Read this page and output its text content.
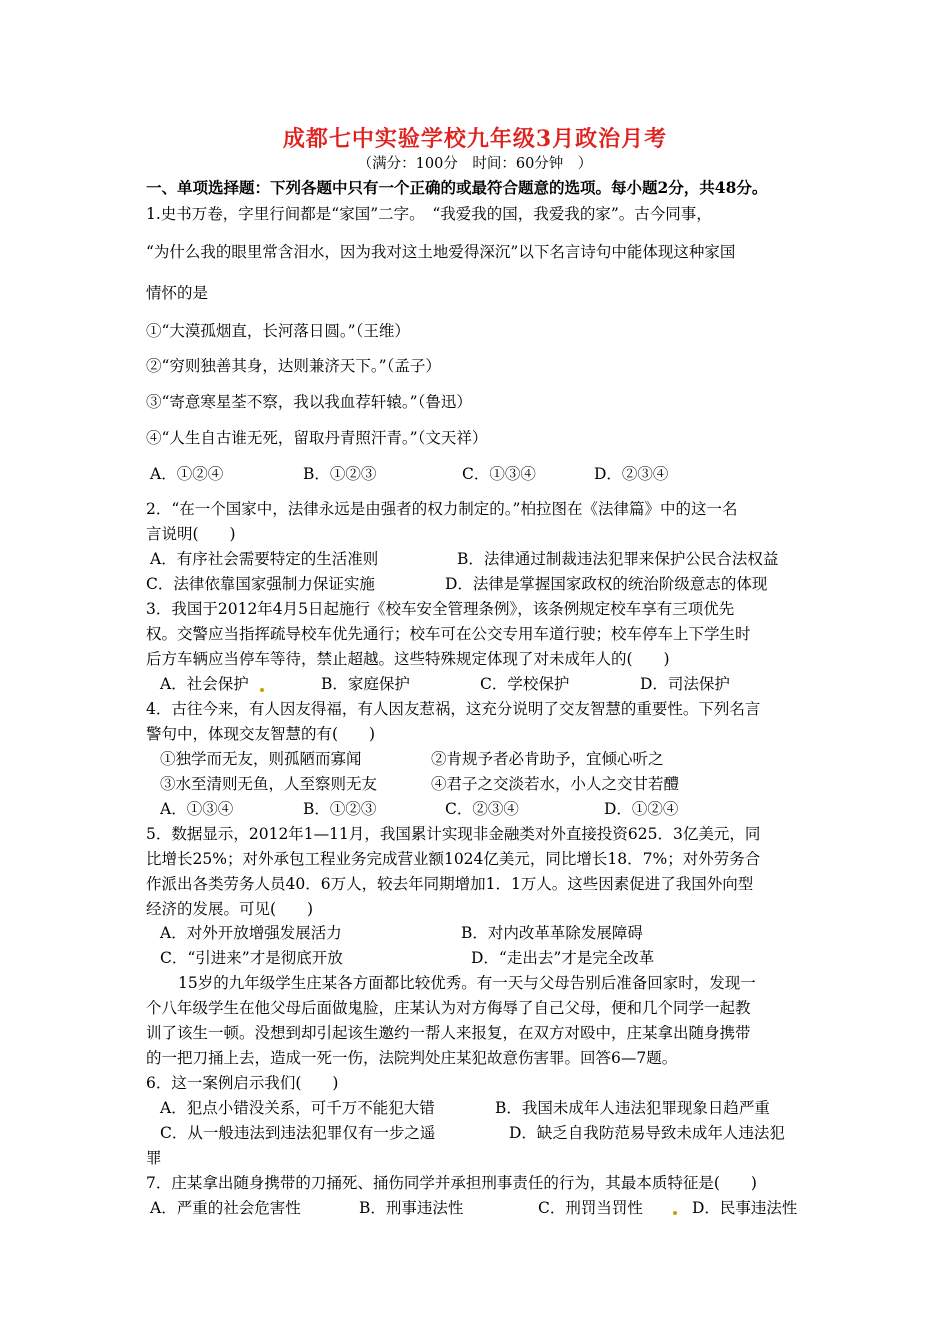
成都七中实验学校九年级3月政治月考
（满分：100分　时间：60分钟　）
一、单项选择题：下列各题中只有一个正确的或最符合题意的选项。每小题2分，共48分。
1.史书万卷，字里行间都是“家国”二字。　“我爱我的国，我爱我的家”。古今同事，
“为什么我的眼里常含泪水，因为我对这土地爱得深沉”以下名言诗句中能体现这种家国
情怀的是
①“大漠孤烟直，长河落日圆。”（王维）
②“穷则独善其身，达则兼济天下。”（孟子）
③“寄意寒星荃不察，我以我血荐轩辕。”（鲁迅）
④“人生自古谁无死，留取丹青照汗青。”（文天祥）
A．①②④	B．①②③	C．①③④	D．②③④
2．“在一个国家中，法律永远是由强者的权力制定的。”柏拉图在《法律篇》中的这一名
言说明(　　)
A．有序社会需要特定的生活准则	B．法律通过制裁违法犯罪来保护公民合法权益
C．法律依靠国家强制力保证实施	D．法律是掌握国家政权的统治阶级意志的体现
3．我国于2012年4月5日起施行《校车安全管理条例》，该条例规定校车享有三项优先
权。交警应当指挥疏导校车优先通行；校车可在公交专用车道行驶；校车停车上下学生时
后方车辆应当停车等待，禁止超越。这些特殊规定体现了对未成年人的(　　)
A．社会保护	B．家庭保护	C．学校保护	D．司法保护
4．古往今来，有人因友得福，有人因友惹祸，这充分说明了交友智慧的重要性。下列名言
警句中，体现交友智慧的有(　　)
①独学而无友，则孤陋而寡闻	②肯规予者必肯助予，宜倾心听之
③水至清则无鱼，人至察则无友	④君子之交淡若水，小人之交甘若醴
A．①③④	B．①②③	C．②③④	D．①②④
5．数据显示，2012年1—11月，我国累计实现非金融类对外直接投资625．3亿美元，同
比增长25%；对外承包工程业务完成营业额1024亿美元，同比增长18．7%；对外劳务合
作派出各类劳务人员40．6万人，较去年同期增加1．1万人。这些因素促进了我国外向型
经济的发展。可见(　　)
A．对外开放增强发展活力	B．对内改革革除发展障碍
C．“引进来”才是彻底开放	D．“走出去”才是完全改革
15岁的九年级学生庄某各方面都比较优秀。有一天与父母告别后准备回家时，发现一
个八年级学生在他父母后面做鬼脸，庄某认为对方侮辱了自己父母，便和几个同学一起教
训了该生一顿。没想到却引起该生邀约一帮人来报复，在双方对殴中，庄某拿出随身携带
的一把刀捅上去，造成一死一伤，法院判处庄某犯故意伤害罪。回答6—7题。
6．这一案例启示我们(　　)
A．犯点小错没关系，可千万不能犯大错	B．我国未成年人违法犯罪现象日趋严重
C．从一般违法到违法犯罪仅有一步之遥	D．缺乏自我防范易导致未成年人违法犯
罪
7．庄某拿出随身携带的刀捅死、捅伤同学并承担刑事责任的行为，其最本质特征是(　　)
A．严重的社会危害性	B．刑事违法性	C．刑罚当罚性	D．民事违法性
